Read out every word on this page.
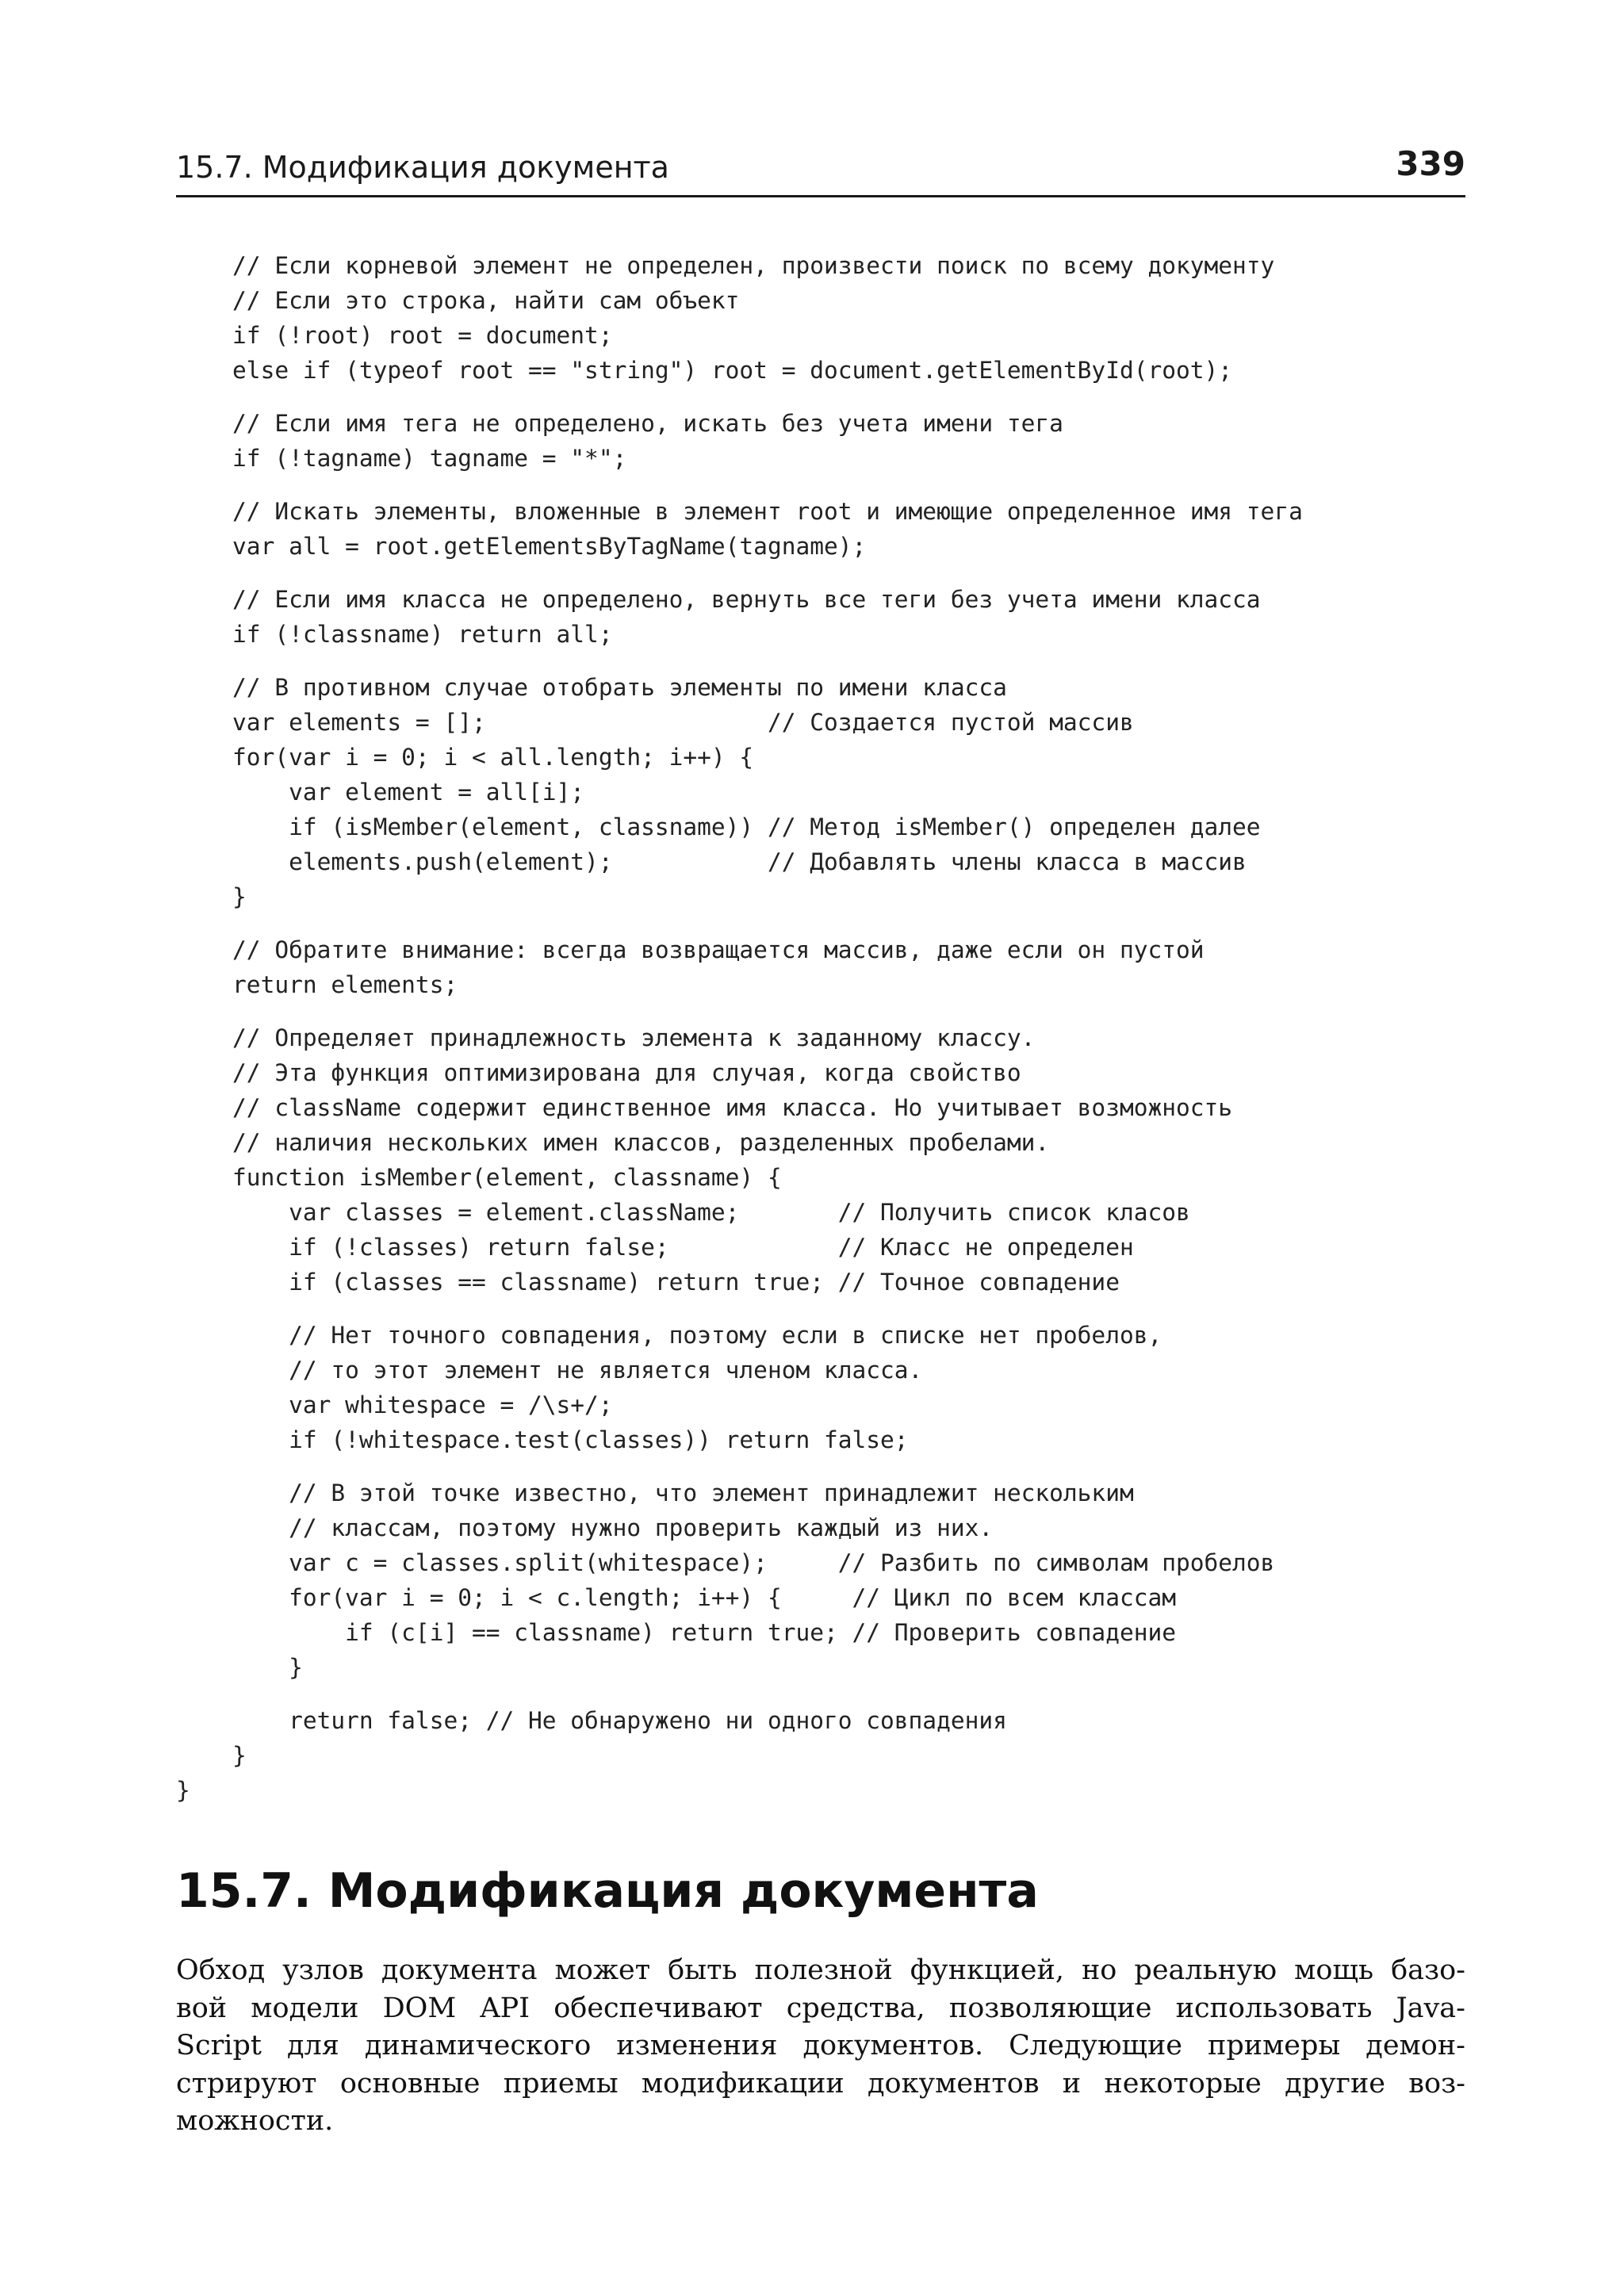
15.7. Модификация документа	339
// Если корневой элемент не определен, произвести поиск по всему документу
// Если это строка, найти сам объект
if (!root) root = document;
else if (typeof root == "string") root = document.getElementById(root);
// Если имя тега не определено, искать без учета имени тега
if (!tagname) tagname = "*";
// Искать элементы, вложенные в элемент root и имеющие определенное имя тега
var all = root.getElementsByTagName(tagname);
// Если имя класса не определено, вернуть все теги без учета имени класса
if (!classname) return all;
// В противном случае отобрать элементы по имени класса
var elements = [];                    // Создается пустой массив
for(var i = 0; i < all.length; i++) {
var element = all[i];
if (isMember(element, classname)) // Метод isMember() определен далее
elements.push(element);           // Добавлять члены класса в массив
}
// Обратите внимание: всегда возвращается массив, даже если он пустой
return elements;
// Определяет принадлежность элемента к заданному классу.
// Эта функция оптимизирована для случая, когда свойство
// className содержит единственное имя класса. Но учитывает возможность
// наличия нескольких имен классов, разделенных пробелами.
function isMember(element, classname) {
var classes = element.className;       // Получить список класов
if (!classes) return false;            // Класс не определен
if (classes == classname) return true; // Точное совпадение
// Нет точного совпадения, поэтому если в списке нет пробелов,
// то этот элемент не является членом класса.
var whitespace = /\s+/;
if (!whitespace.test(classes)) return false;
// В этой точке известно, что элемент принадлежит нескольким
// классам, поэтому нужно проверить каждый из них.
var c = classes.split(whitespace);     // Разбить по символам пробелов
for(var i = 0; i < c.length; i++) {     // Цикл по всем классам
if (c[i] == classname) return true; // Проверить совпадение
}
return false; // Не обнаружено ни одного совпадения
}
}
15.7. Модификация документа

Обход узлов документа может быть полезной функцией, но реальную мощь базо-
вой модели DOM API обеспечивают средства, позволяющие использовать Java-
Script для динамического изменения документов. Следующие примеры демон-
стрируют основные приемы модификации документов и некоторые другие воз-
можности.
